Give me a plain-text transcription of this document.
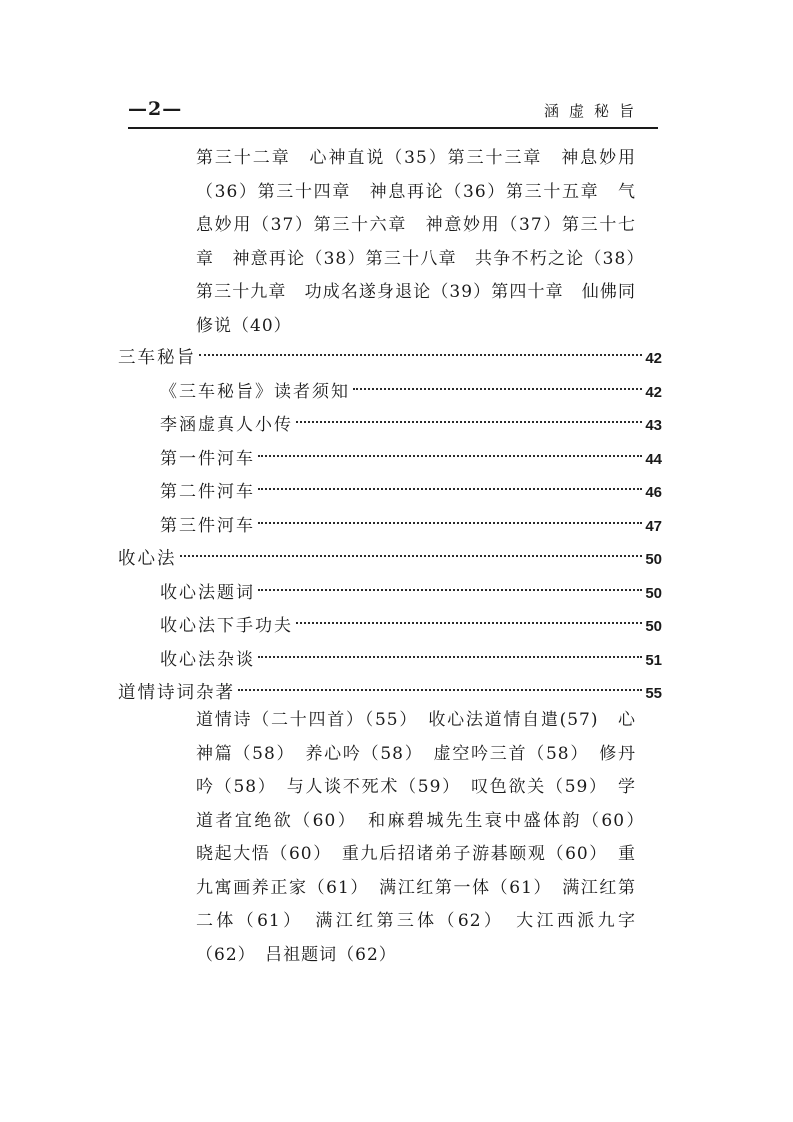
—2—	涵虚秘旨

第三十二章　心神直说（35）第三十三章　神息妙用（36）第三十四章　神息再论（36）第三十五章　气息妙用（37）第三十六章　神意妙用（37）第三十七章　神意再论（38）第三十八章　共争不朽之论（38）第三十九章　功成名遂身退论（39）第四十章　仙佛同修说（40）

三车秘旨	42
《三车秘旨》读者须知	42
李涵虚真人小传	43
第一件河车	44
第二件河车	46
第三件河车	47
收心法	50
收心法题词	50
收心法下手功夫	50
收心法杂谈	51
道情诗词杂著	55

道情诗（二十四首）（55）　收心法道情自遣(57)　心神篇（58）　养心吟（58）　虚空吟三首（58）　修丹吟（58）　与人谈不死术（59）　叹色欲关（59）　学道者宜绝欲（60）　和麻碧城先生衰中盛体韵（60）　晓起大悟（60）　重九后招诸弟子游碁颐观（60）　重九寓画养正家（61）　满江红第一体（61）　满江红第二体（61）　满江红第三体（62）　大江西派九字（62）　吕祖题词（62）
